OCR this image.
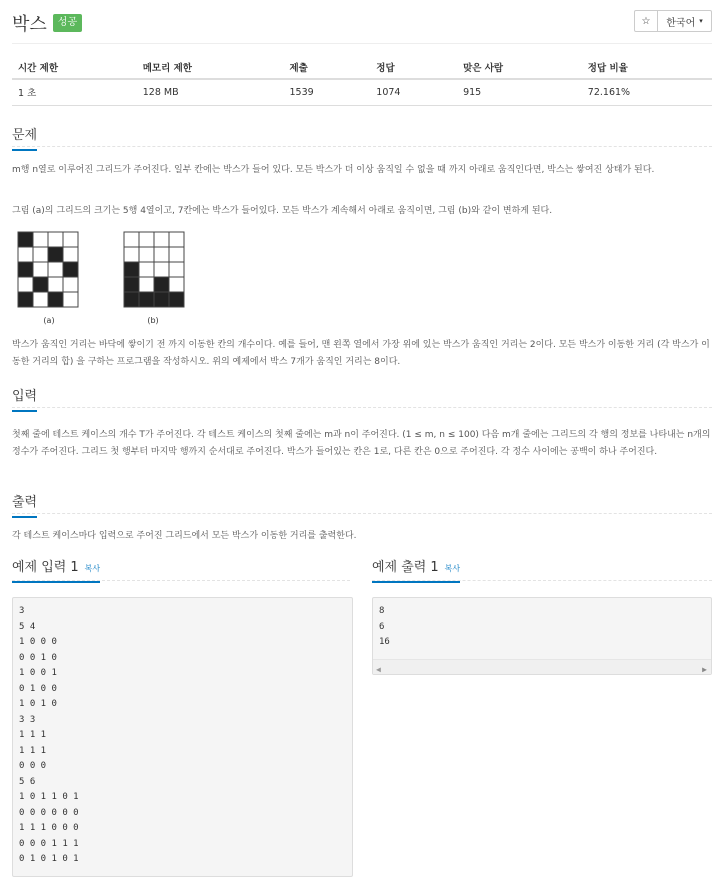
박스	성공	☆	한국어 ▾
시간 제한	메모리 제한	제출	정답	맞은 사람	정답 비율
1 초	128 MB	1539	1074	915	72.161%
문제

m행 n열로 이루어진 그리드가 주어진다. 일부 칸에는 박스가 들어 있다. 모든 박스가 더 이상 움직일 수 없을 때 까지 아래로 움직인다면, 박스는 쌓여진 상태가 된다.

그림 (a)의 그리드의 크기는 5행 4열이고, 7칸에는 박스가 들어있다. 모든 박스가 계속해서 아래로 움직이면, 그림 (b)와 같이 변하게 된다.

(a)	(b)

박스가 움직인 거리는 바닥에 쌓이기 전 까지 이동한 칸의 개수이다. 예를 들어, 맨 왼쪽 열에서 가장 위에 있는 박스가 움직인 거리는 2이다. 모든 박스가 이동한 거리 (각 박스가 이동한 거리의 합) 을 구하는 프로그램을 작성하시오. 위의 예제에서 박스 7개가 움직인 거리는 8이다.

입력

첫째 줄에 테스트 케이스의 개수 T가 주어진다. 각 테스트 케이스의 첫째 줄에는 m과 n이 주어진다. (1 ≤ m, n ≤ 100) 다음 m개 줄에는 그리드의 각 행의 정보를 나타내는 n개의 정수가 주어진다. 그리드 첫 행부터 마지막 행까지 순서대로 주어진다. 박스가 들어있는 칸은 1로, 다른 칸은 0으로 주어진다. 각 정수 사이에는 공백이 하나 주어진다.

출력

각 테스트 케이스마다 입력으로 주어진 그리드에서 모든 박스가 이동한 거리를 출력한다.

예제 입력 1 복사
3
5 4
1 0 0 0
0 0 1 0
1 0 0 1
0 1 0 0
1 0 1 0
3 3
1 1 1
1 1 1
0 0 0
5 6
1 0 1 1 0 1
0 0 0 0 0 0
1 1 1 0 0 0
0 0 0 1 1 1
0 1 0 1 0 1
예제 출력 1 복사
8
6
16

◀

	▶
